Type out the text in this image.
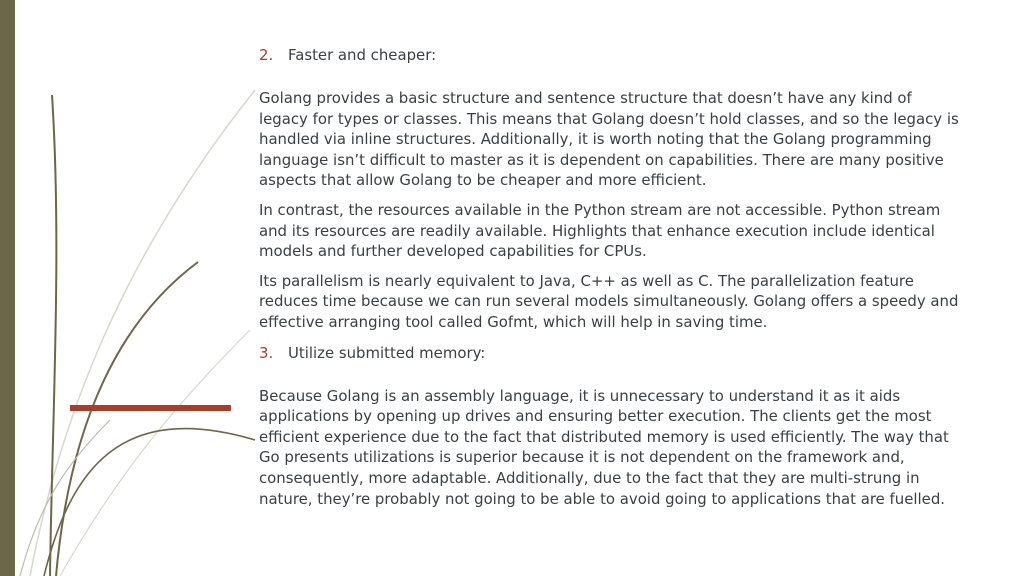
2. Faster and cheaper:

Golang provides a basic structure and sentence structure that doesn’t have any kind of legacy for types or classes. This means that Golang doesn’t hold classes, and so the legacy is handled via inline structures. Additionally, it is worth noting that the Golang programming language isn’t difficult to master as it is dependent on capabilities. There are many positive aspects that allow Golang to be cheaper and more efficient.

In contrast, the resources available in the Python stream are not accessible. Python stream and its resources are readily available. Highlights that enhance execution include identical models and further developed capabilities for CPUs.

Its parallelism is nearly equivalent to Java, C++ as well as C. The parallelization feature reduces time because we can run several models simultaneously. Golang offers a speedy and effective arranging tool called Gofmt, which will help in saving time.

3. Utilize submitted memory:

Because Golang is an assembly language, it is unnecessary to understand it as it aids applications by opening up drives and ensuring better execution. The clients get the most efficient experience due to the fact that distributed memory is used efficiently. The way that Go presents utilizations is superior because it is not dependent on the framework and, consequently, more adaptable. Additionally, due to the fact that they are multi-strung in nature, they’re probably not going to be able to avoid going to applications that are fuelled.
